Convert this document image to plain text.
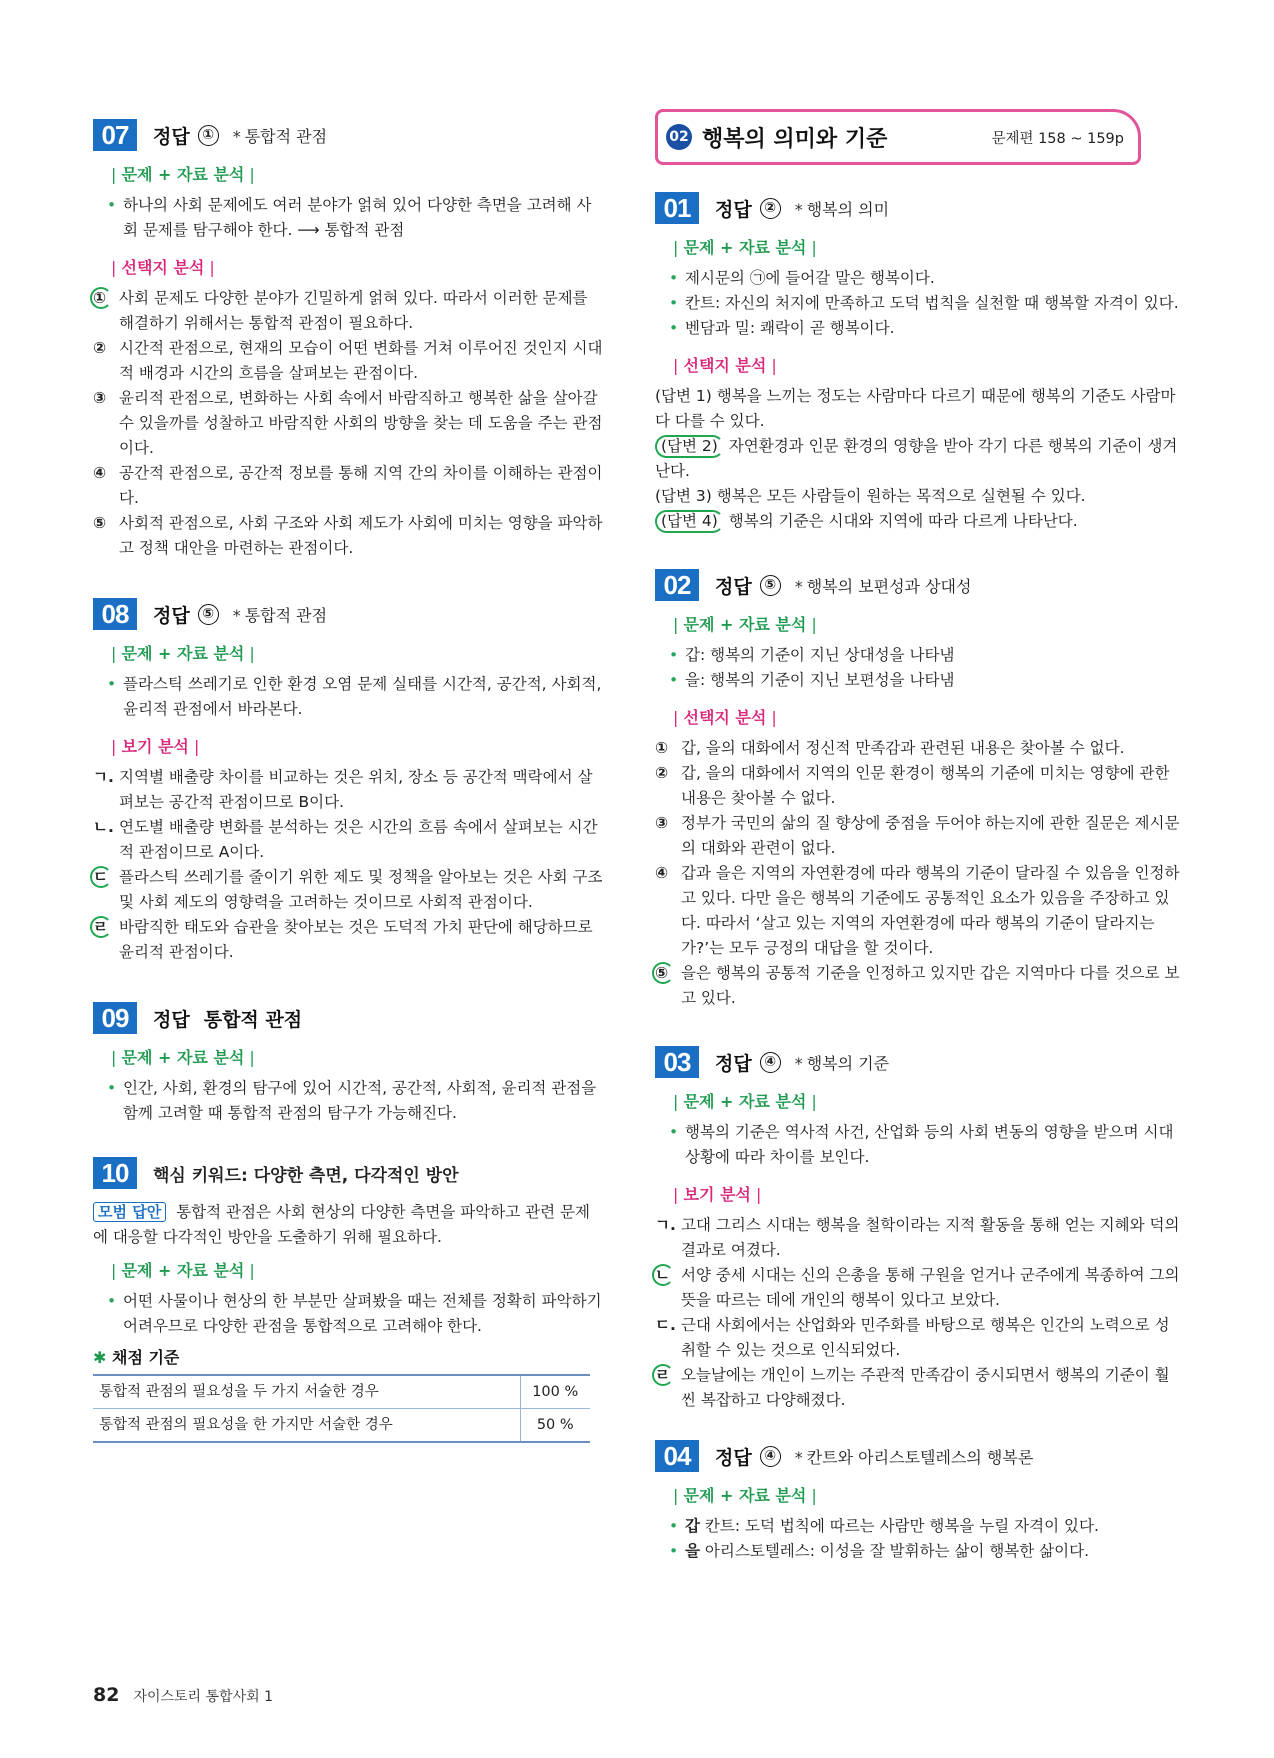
07	정답 ① * 통합적 관점
| 문제 + 자료 분석 |
• 하나의 사회 문제에도 여러 분야가 얽혀 있어 다양한 측면을 고려해 사회 문제를 탐구해야 한다. ⟶ 통합적 관점
| 선택지 분석 |
① 사회 문제도 다양한 분야가 긴밀하게 얽혀 있다. 따라서 이러한 문제를 해결하기 위해서는 통합적 관점이 필요하다.
② 시간적 관점으로, 현재의 모습이 어떤 변화를 거쳐 이루어진 것인지 시대적 배경과 시간의 흐름을 살펴보는 관점이다.
③ 윤리적 관점으로, 변화하는 사회 속에서 바람직하고 행복한 삶을 살아갈 수 있을까를 성찰하고 바람직한 사회의 방향을 찾는 데 도움을 주는 관점이다.
④ 공간적 관점으로, 공간적 정보를 통해 지역 간의 차이를 이해하는 관점이다.
⑤ 사회적 관점으로, 사회 구조와 사회 제도가 사회에 미치는 영향을 파악하고 정책 대안을 마련하는 관점이다.
08	정답 ⑤ * 통합적 관점
| 문제 + 자료 분석 |
• 플라스틱 쓰레기로 인한 환경 오염 문제 실태를 시간적, 공간적, 사회적, 윤리적 관점에서 바라본다.
| 보기 분석 |
ㄱ. 지역별 배출량 차이를 비교하는 것은 위치, 장소 등 공간적 맥락에서 살펴보는 공간적 관점이므로 B이다.
ㄴ. 연도별 배출량 변화를 분석하는 것은 시간의 흐름 속에서 살펴보는 시간적 관점이므로 A이다.
ㄷ 플라스틱 쓰레기를 줄이기 위한 제도 및 정책을 알아보는 것은 사회 구조 및 사회 제도의 영향력을 고려하는 것이므로 사회적 관점이다.
ㄹ 바람직한 태도와 습관을 찾아보는 것은 도덕적 가치 판단에 해당하므로 윤리적 관점이다.
09	정답 통합적 관점
| 문제 + 자료 분석 |
• 인간, 사회, 환경의 탐구에 있어 시간적, 공간적, 사회적, 윤리적 관점을 함께 고려할 때 통합적 관점의 탐구가 가능해진다.
10	핵심 키워드: 다양한 측면, 다각적인 방안
모범 답안 통합적 관점은 사회 현상의 다양한 측면을 파악하고 관련 문제에 대응할 다각적인 방안을 도출하기 위해 필요하다.
| 문제 + 자료 분석 |
• 어떤 사물이나 현상의 한 부분만 살펴봤을 때는 전체를 정확히 파악하기 어려우므로 다양한 관점을 통합적으로 고려해야 한다.
✱ 채점 기준
통합적 관점의 필요성을 두 가지 서술한 경우	100 %
통합적 관점의 필요성을 한 가지만 서술한 경우	50 %
02 행복의 의미와 기준	문제편 158 ~ 159p
01	정답 ② * 행복의 의미
| 문제 + 자료 분석 |
• 제시문의 ㉠에 들어갈 말은 행복이다.
• 칸트: 자신의 처지에 만족하고 도덕 법칙을 실천할 때 행복할 자격이 있다.
• 벤담과 밀: 쾌락이 곧 행복이다.
| 선택지 분석 |
(답변 1) 행복을 느끼는 정도는 사람마다 다르기 때문에 행복의 기준도 사람마다 다를 수 있다.
(답변 2) 자연환경과 인문 환경의 영향을 받아 각기 다른 행복의 기준이 생겨난다.
(답변 3) 행복은 모든 사람들이 원하는 목적으로 실현될 수 있다.
(답변 4) 행복의 기준은 시대와 지역에 따라 다르게 나타난다.
02	정답 ⑤ * 행복의 보편성과 상대성
| 문제 + 자료 분석 |
• 갑: 행복의 기준이 지닌 상대성을 나타냄
• 을: 행복의 기준이 지닌 보편성을 나타냄
| 선택지 분석 |
① 갑, 을의 대화에서 정신적 만족감과 관련된 내용은 찾아볼 수 없다.
② 갑, 을의 대화에서 지역의 인문 환경이 행복의 기준에 미치는 영향에 관한 내용은 찾아볼 수 없다.
③ 정부가 국민의 삶의 질 향상에 중점을 두어야 하는지에 관한 질문은 제시문의 대화와 관련이 없다.
④ 갑과 을은 지역의 자연환경에 따라 행복의 기준이 달라질 수 있음을 인정하고 있다. 다만 을은 행복의 기준에도 공통적인 요소가 있음을 주장하고 있다. 따라서 ‘살고 있는 지역의 자연환경에 따라 행복의 기준이 달라지는가?’는 모두 긍정의 대답을 할 것이다.
⑤ 을은 행복의 공통적 기준을 인정하고 있지만 갑은 지역마다 다를 것으로 보고 있다.
03	정답 ④ * 행복의 기준
| 문제 + 자료 분석 |
• 행복의 기준은 역사적 사건, 산업화 등의 사회 변동의 영향을 받으며 시대 상황에 따라 차이를 보인다.
| 보기 분석 |
ㄱ. 고대 그리스 시대는 행복을 철학이라는 지적 활동을 통해 얻는 지혜와 덕의 결과로 여겼다.
ㄴ 서양 중세 시대는 신의 은총을 통해 구원을 얻거나 군주에게 복종하여 그의 뜻을 따르는 데에 개인의 행복이 있다고 보았다.
ㄷ. 근대 사회에서는 산업화와 민주화를 바탕으로 행복은 인간의 노력으로 성취할 수 있는 것으로 인식되었다.
ㄹ 오늘날에는 개인이 느끼는 주관적 만족감이 중시되면서 행복의 기준이 훨씬 복잡하고 다양해졌다.
04	정답 ④ * 칸트와 아리스토텔레스의 행복론
| 문제 + 자료 분석 |
• 갑 칸트: 도덕 법칙에 따르는 사람만 행복을 누릴 자격이 있다.
• 을 아리스토텔레스: 이성을 잘 발휘하는 삶이 행복한 삶이다.
82 자이스토리 통합사회 1
